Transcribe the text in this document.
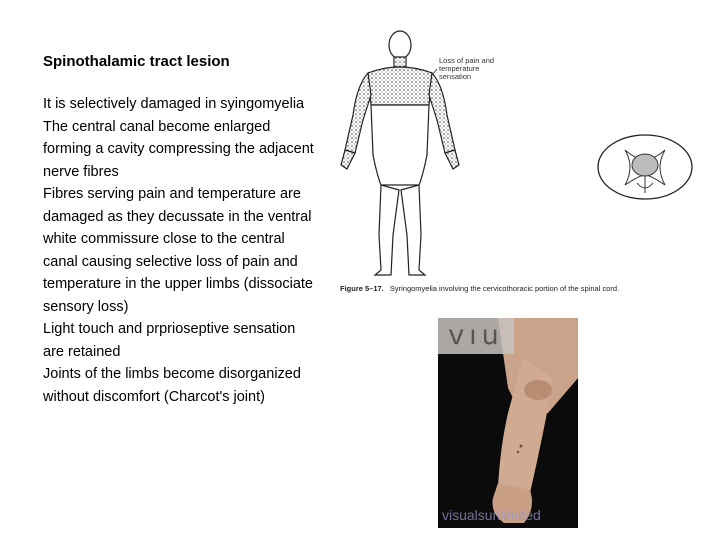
Spinothalamic tract lesion

It is selectively damaged in syingomyelia

The central canal become enlarged forming a cavity compressing the adjacent nerve fibres

Fibres serving pain and temperature are damaged as they decussate in the ventral white commissure close to the central canal causing selective loss of pain and temperature in the upper limbs (dissociate sensory loss)

Light touch and prprioseptive sensation are retained

Joints of the limbs become disorganized without discomfort (Charcot's joint)

Loss of pain and
temperature
sensation
Figure 5–17. Syringomyelia involving the cervicothoracic portion of the spinal cord.
vıu
visualsunlimited
